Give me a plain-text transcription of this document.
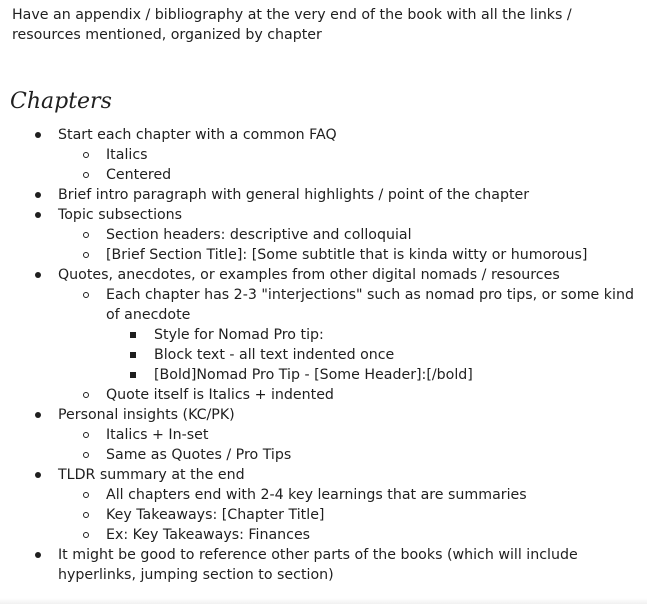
Have an appendix / bibliography at the very end of the book with all the links / resources mentioned, organized by chapter

Chapters
Start each chapter with a common FAQ
Italics
Centered
Brief intro paragraph with general highlights / point of the chapter
Topic subsections
Section headers: descriptive and colloquial
[Brief Section Title]: [Some subtitle that is kinda witty or humorous]
Quotes, anecdotes, or examples from other digital nomads / resources
Each chapter has 2-3 "interjections" such as nomad pro tips, or some kind of anecdote
Style for Nomad Pro tip:
Block text - all text indented once
[Bold]Nomad Pro Tip - [Some Header]:[/bold]
Quote itself is Italics + indented
Personal insights (KC/PK)
Italics + In-set
Same as Quotes / Pro Tips
TLDR summary at the end
All chapters end with 2-4 key learnings that are summaries
Key Takeaways: [Chapter Title]
Ex: Key Takeaways: Finances
It might be good to reference other parts of the books (which will include hyperlinks, jumping section to section)
